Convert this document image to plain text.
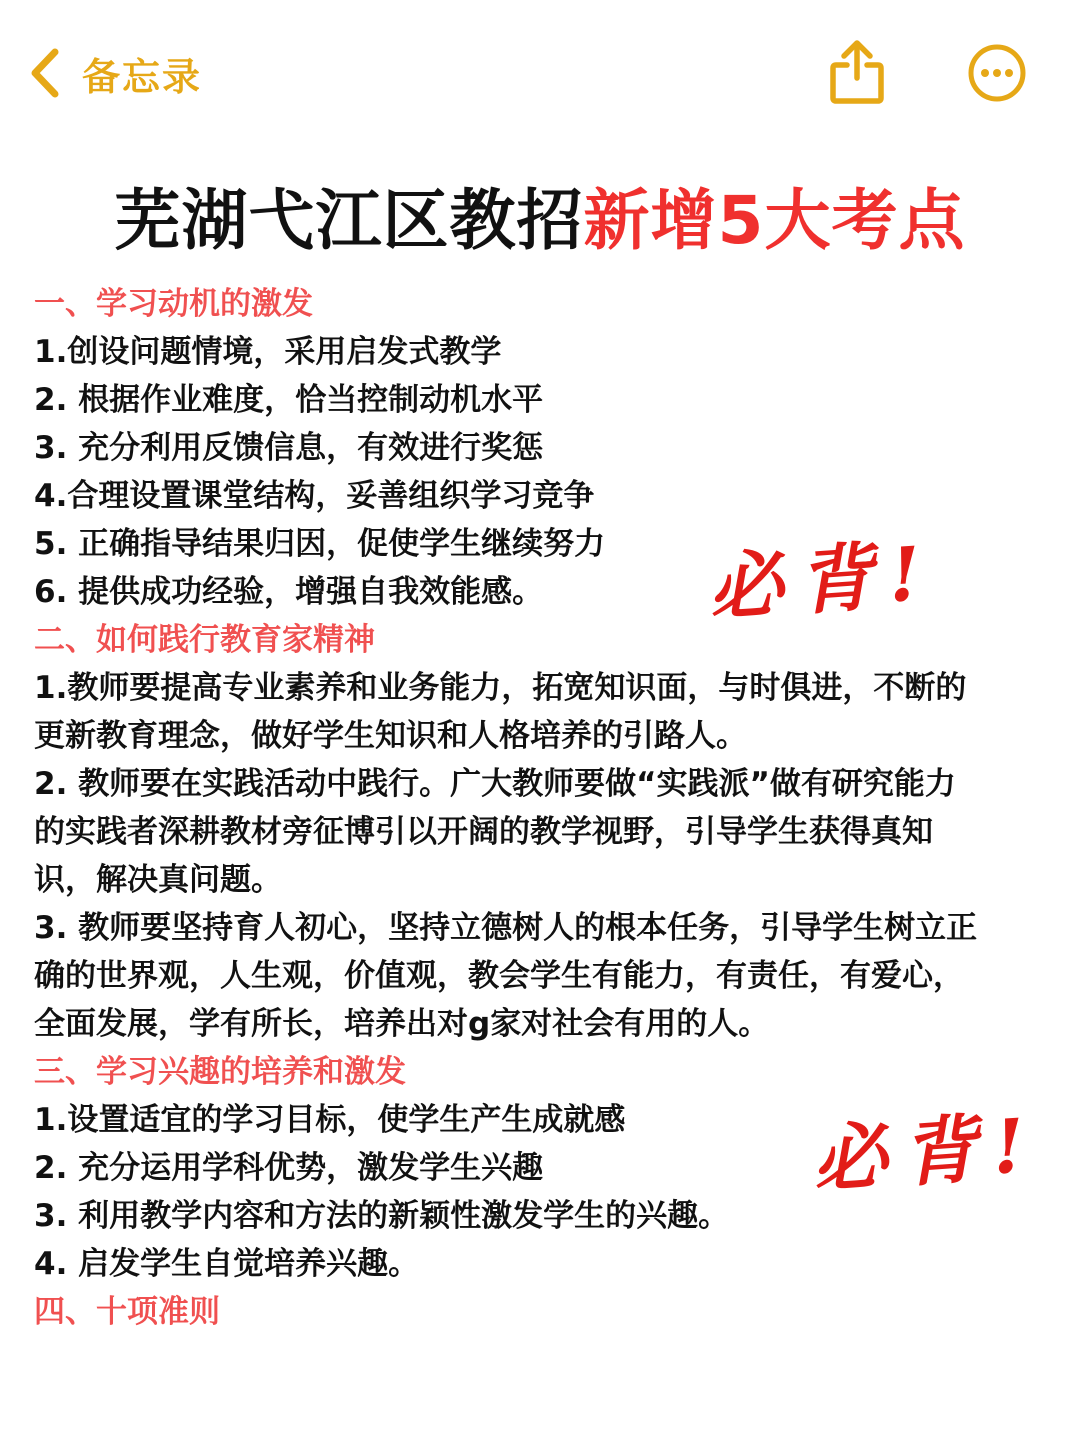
备忘录
芜湖弋江区教招新增5大考点
一、学习动机的激发
1.创设问题情境，采用启发式教学
2. 根据作业难度，恰当控制动机水平
3. 充分利用反馈信息，有效进行奖惩
4.合理设置课堂结构，妥善组织学习竞争
5. 正确指导结果归因，促使学生继续努力
6. 提供成功经验，增强自我效能感。
二、如何践行教育家精神
1.教师要提高专业素养和业务能力，拓宽知识面，与时俱进，不断的
更新教育理念，做好学生知识和人格培养的引路人。
2. 教师要在实践活动中践行。广大教师要做“实践派”做有研究能力
的实践者深耕教材旁征博引以开阔的教学视野，引导学生获得真知
识，解决真问题。
3. 教师要坚持育人初心，坚持立德树人的根本任务，引导学生树立正
确的世界观，人生观，价值观，教会学生有能力，有责任，有爱心，
全面发展，学有所长，培养出对g家对社会有用的人。
三、学习兴趣的培养和激发
1.设置适宜的学习目标，使学生产生成就感
2. 充分运用学科优势，激发学生兴趣
3. 利用教学内容和方法的新颖性激发学生的兴趣。
4. 启发学生自觉培养兴趣。
四、十项准则
必背!
必背!
